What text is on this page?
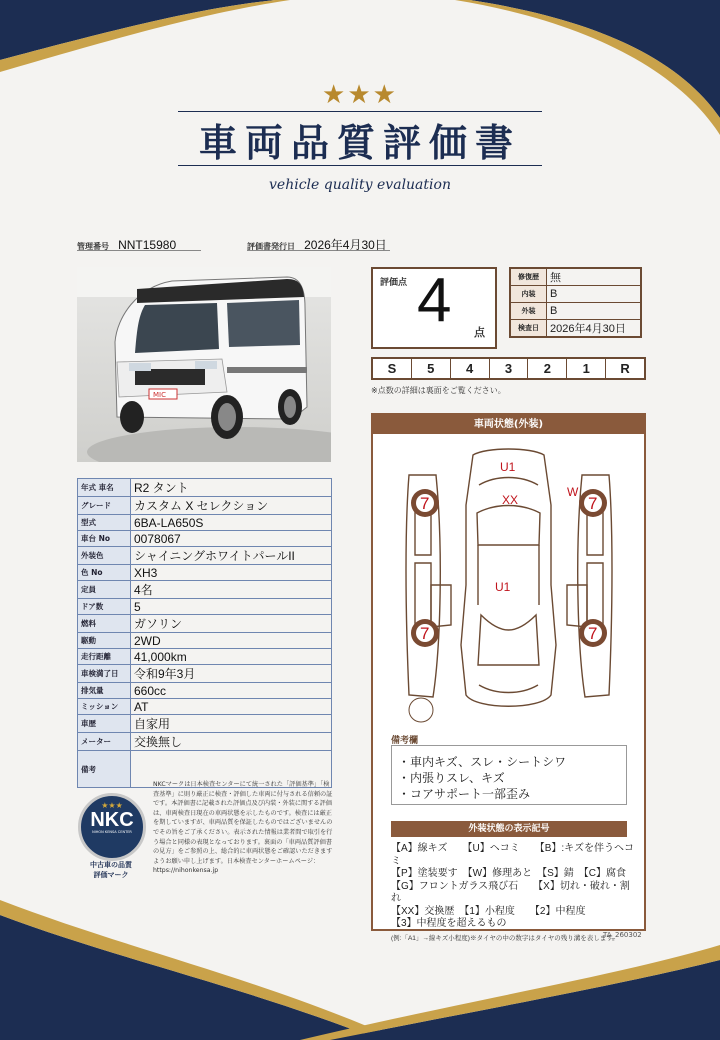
★★★
車両品質評価書
vehicle quality evaluation
管理番号 NNT15980	評価書発行日 2026年4月30日
MIC
年式 車名	R2 タント
グレード	カスタム X セレクション
型式	6BA-LA650S
車台 No	0078067
外装色	シャイニングホワイトパールII
色 No	XH3
定員	4名
ドア数	5
燃料	ガソリン
駆動	2WD
走行距離	41,000km
車検満了日	令和9年3月
排気量	660cc
ミッション	AT
車歴	自家用
メーター	交換無し
備考	
評価点 4 点
修復歴	無
内装	B
外装	B
検査日	2026年4月30日
S	5	4	3	2	1	R
※点数の詳細は裏面をご覧ください。
車両状態(外装)
U1
XX
U1
W
7	7
7	7
備考欄
・車内キズ、スレ・シートシワ
・内張りスレ、キズ
・コアサポート一部歪み
外装状態の表示記号
【A】線キズ　　【U】ヘコミ　　【B】:キズを伴うヘコミ
【P】塗装要す　【W】修理あと　【S】錆　【C】腐食
【G】フロントガラス飛び石　　【X】切れ・破れ・割れ
【XX】交換歴　【1】小程度　　【2】中程度
【3】中程度を超えるもの
(例:「A1」→線キズ小程度)※タイヤの中の数字はタイヤの残り溝を表します。
★★★
NKC
NIHON KENSA CENTER
中古車の品質
評価マーク
NKCマークは日本検査センターにて統一された「評価基準」「検査基準」に則り厳正に検査・評価した車両に付与される信頼の証です。本評価書に記載された評価点及び内装・外装に関する評価は、車両検査日現在の車両状態を示したものです。検査には厳正を期していますが、車両品質を保証したものではございませんのでその旨をご了承ください。表示された情報は業者間で取引を行う場合と同様の表現となっております。裏面の「車両品質評価書の見方」をご参照の上、総合的に車両状態をご確認いただきますようお願い申し上げます。日本検査センターホームページ：https://nihonkensa.jp
TA_260302
